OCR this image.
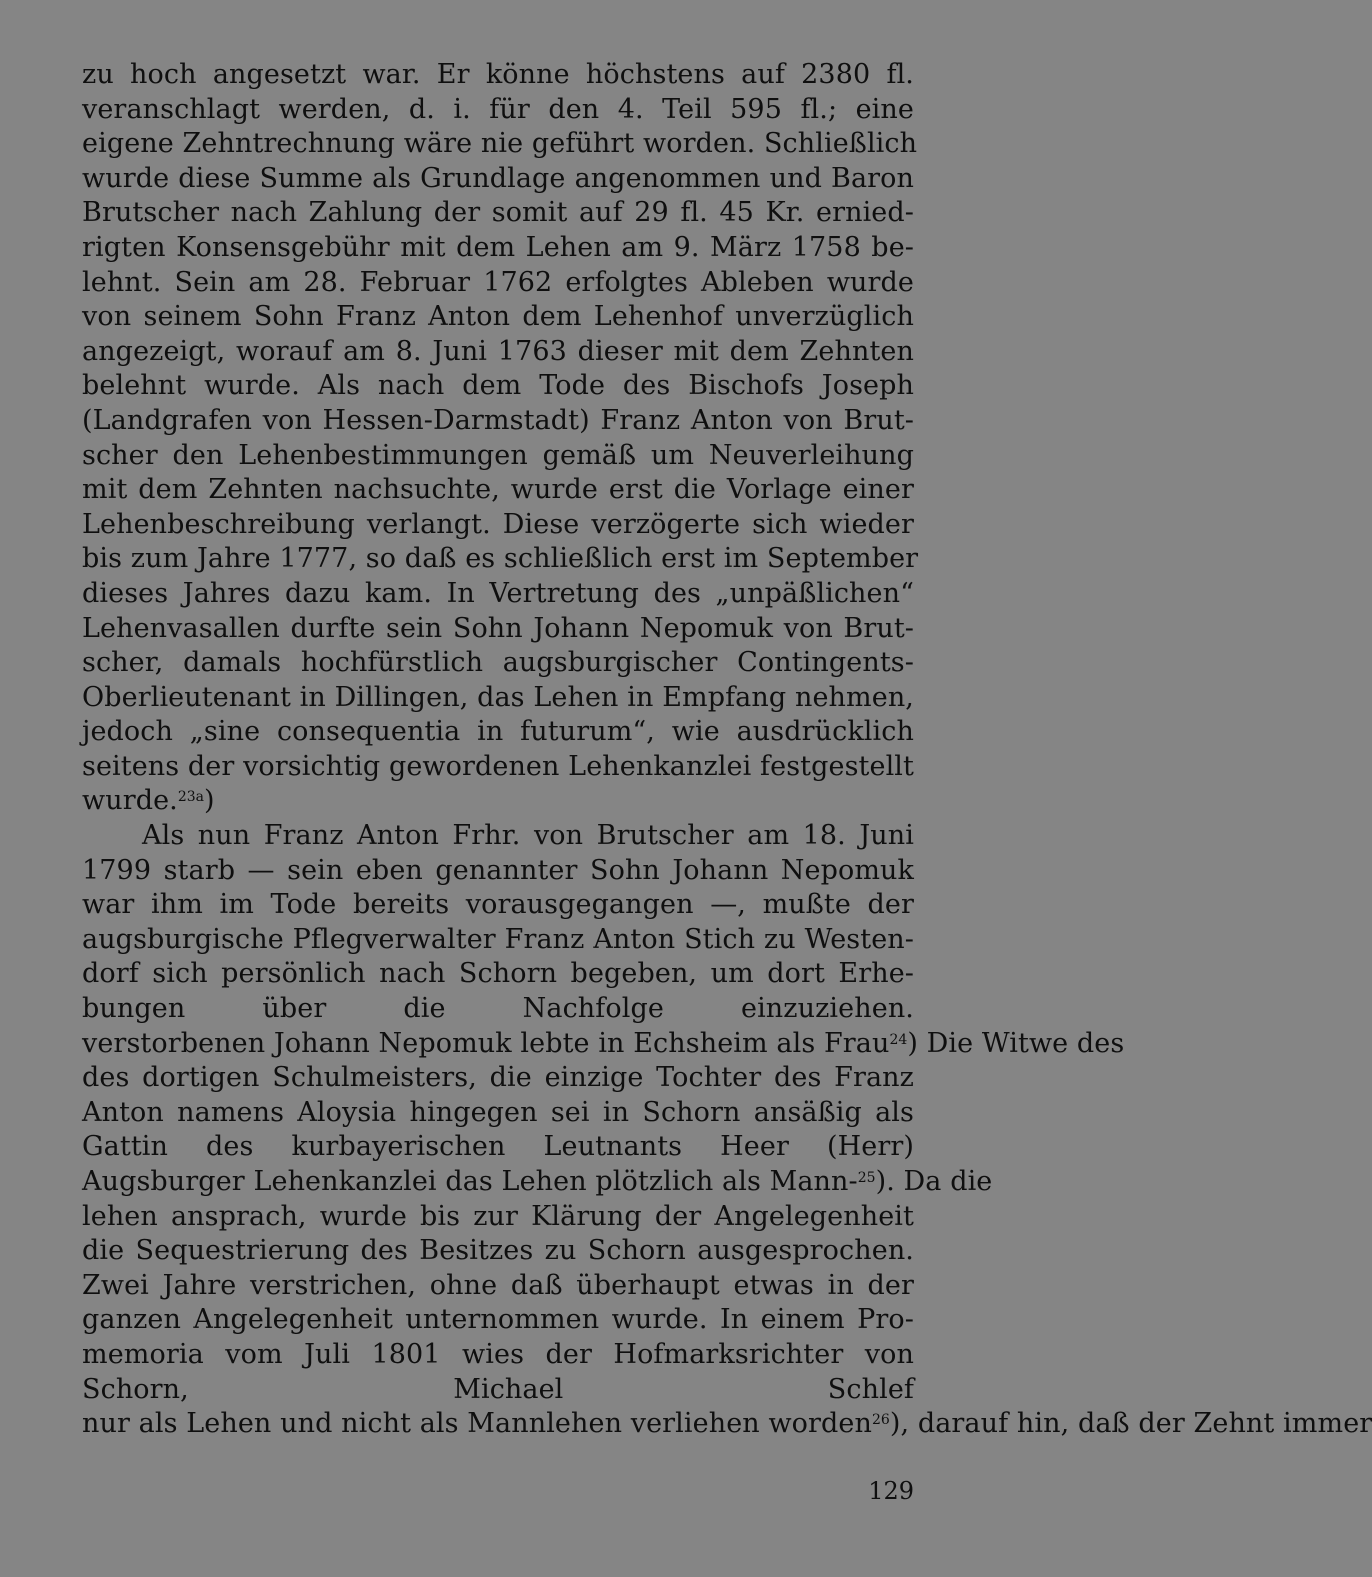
zu hoch angesetzt war. Er könne höchstens auf 2380 fl.
veranschlagt werden, d. i. für den 4. Teil 595 fl.; eine
eigene Zehntrechnung wäre nie geführt worden. Schließlich
wurde diese Summe als Grundlage angenommen und Baron
Brutscher nach Zahlung der somit auf 29 fl. 45 Kr. ernied-
rigten Konsensgebühr mit dem Lehen am 9. März 1758 be-
lehnt. Sein am 28. Februar 1762 erfolgtes Ableben wurde
von seinem Sohn Franz Anton dem Lehenhof unverzüglich
angezeigt, worauf am 8. Juni 1763 dieser mit dem Zehnten
belehnt wurde. Als nach dem Tode des Bischofs Joseph
(Landgrafen von Hessen-Darmstadt) Franz Anton von Brut-
scher den Lehenbestimmungen gemäß um Neuverleihung
mit dem Zehnten nachsuchte, wurde erst die Vorlage einer
Lehenbeschreibung verlangt. Diese verzögerte sich wieder
bis zum Jahre 1777, so daß es schließlich erst im September
dieses Jahres dazu kam. In Vertretung des „unpäßlichen“
Lehenvasallen durfte sein Sohn Johann Nepomuk von Brut-
scher, damals hochfürstlich augsburgischer Contingents-
Oberlieutenant in Dillingen, das Lehen in Empfang nehmen,
jedoch „sine consequentia in futurum“, wie ausdrücklich
seitens der vorsichtig gewordenen Lehenkanzlei festgestellt
wurde.$^{23a}$)
Als nun Franz Anton Frhr. von Brutscher am 18. Juni
1799 starb — sein eben genannter Sohn Johann Nepomuk
war ihm im Tode bereits vorausgegangen —, mußte der
augsburgische Pflegverwalter Franz Anton Stich zu Westen-
dorf sich persönlich nach Schorn begeben, um dort Erhe-
bungen über die Nachfolge einzuziehen.
verstorbenen Johann Nepomuk lebte in Echsheim als Frau$^{24}$) Die Witwe des
des dortigen Schulmeisters, die einzige Tochter des Franz
Anton namens Aloysia hingegen sei in Schorn ansäßig als
Gattin des kurbayerischen Leutnants Heer (Herr)
Augsburger Lehenkanzlei das Lehen plötzlich als Mann-$^{25}$). Da die
lehen ansprach, wurde bis zur Klärung der Angelegenheit
die Sequestrierung des Besitzes zu Schorn ausgesprochen.
Zwei Jahre verstrichen, ohne daß überhaupt etwas in der
ganzen Angelegenheit unternommen wurde. In einem Pro-
memoria vom Juli 1801 wies der Hofmarksrichter von
Schorn, Michael Schlef
nur als Lehen und nicht als Mannlehen verliehen worden$^{26}$), darauf hin, daß der Zehnt immer
129
